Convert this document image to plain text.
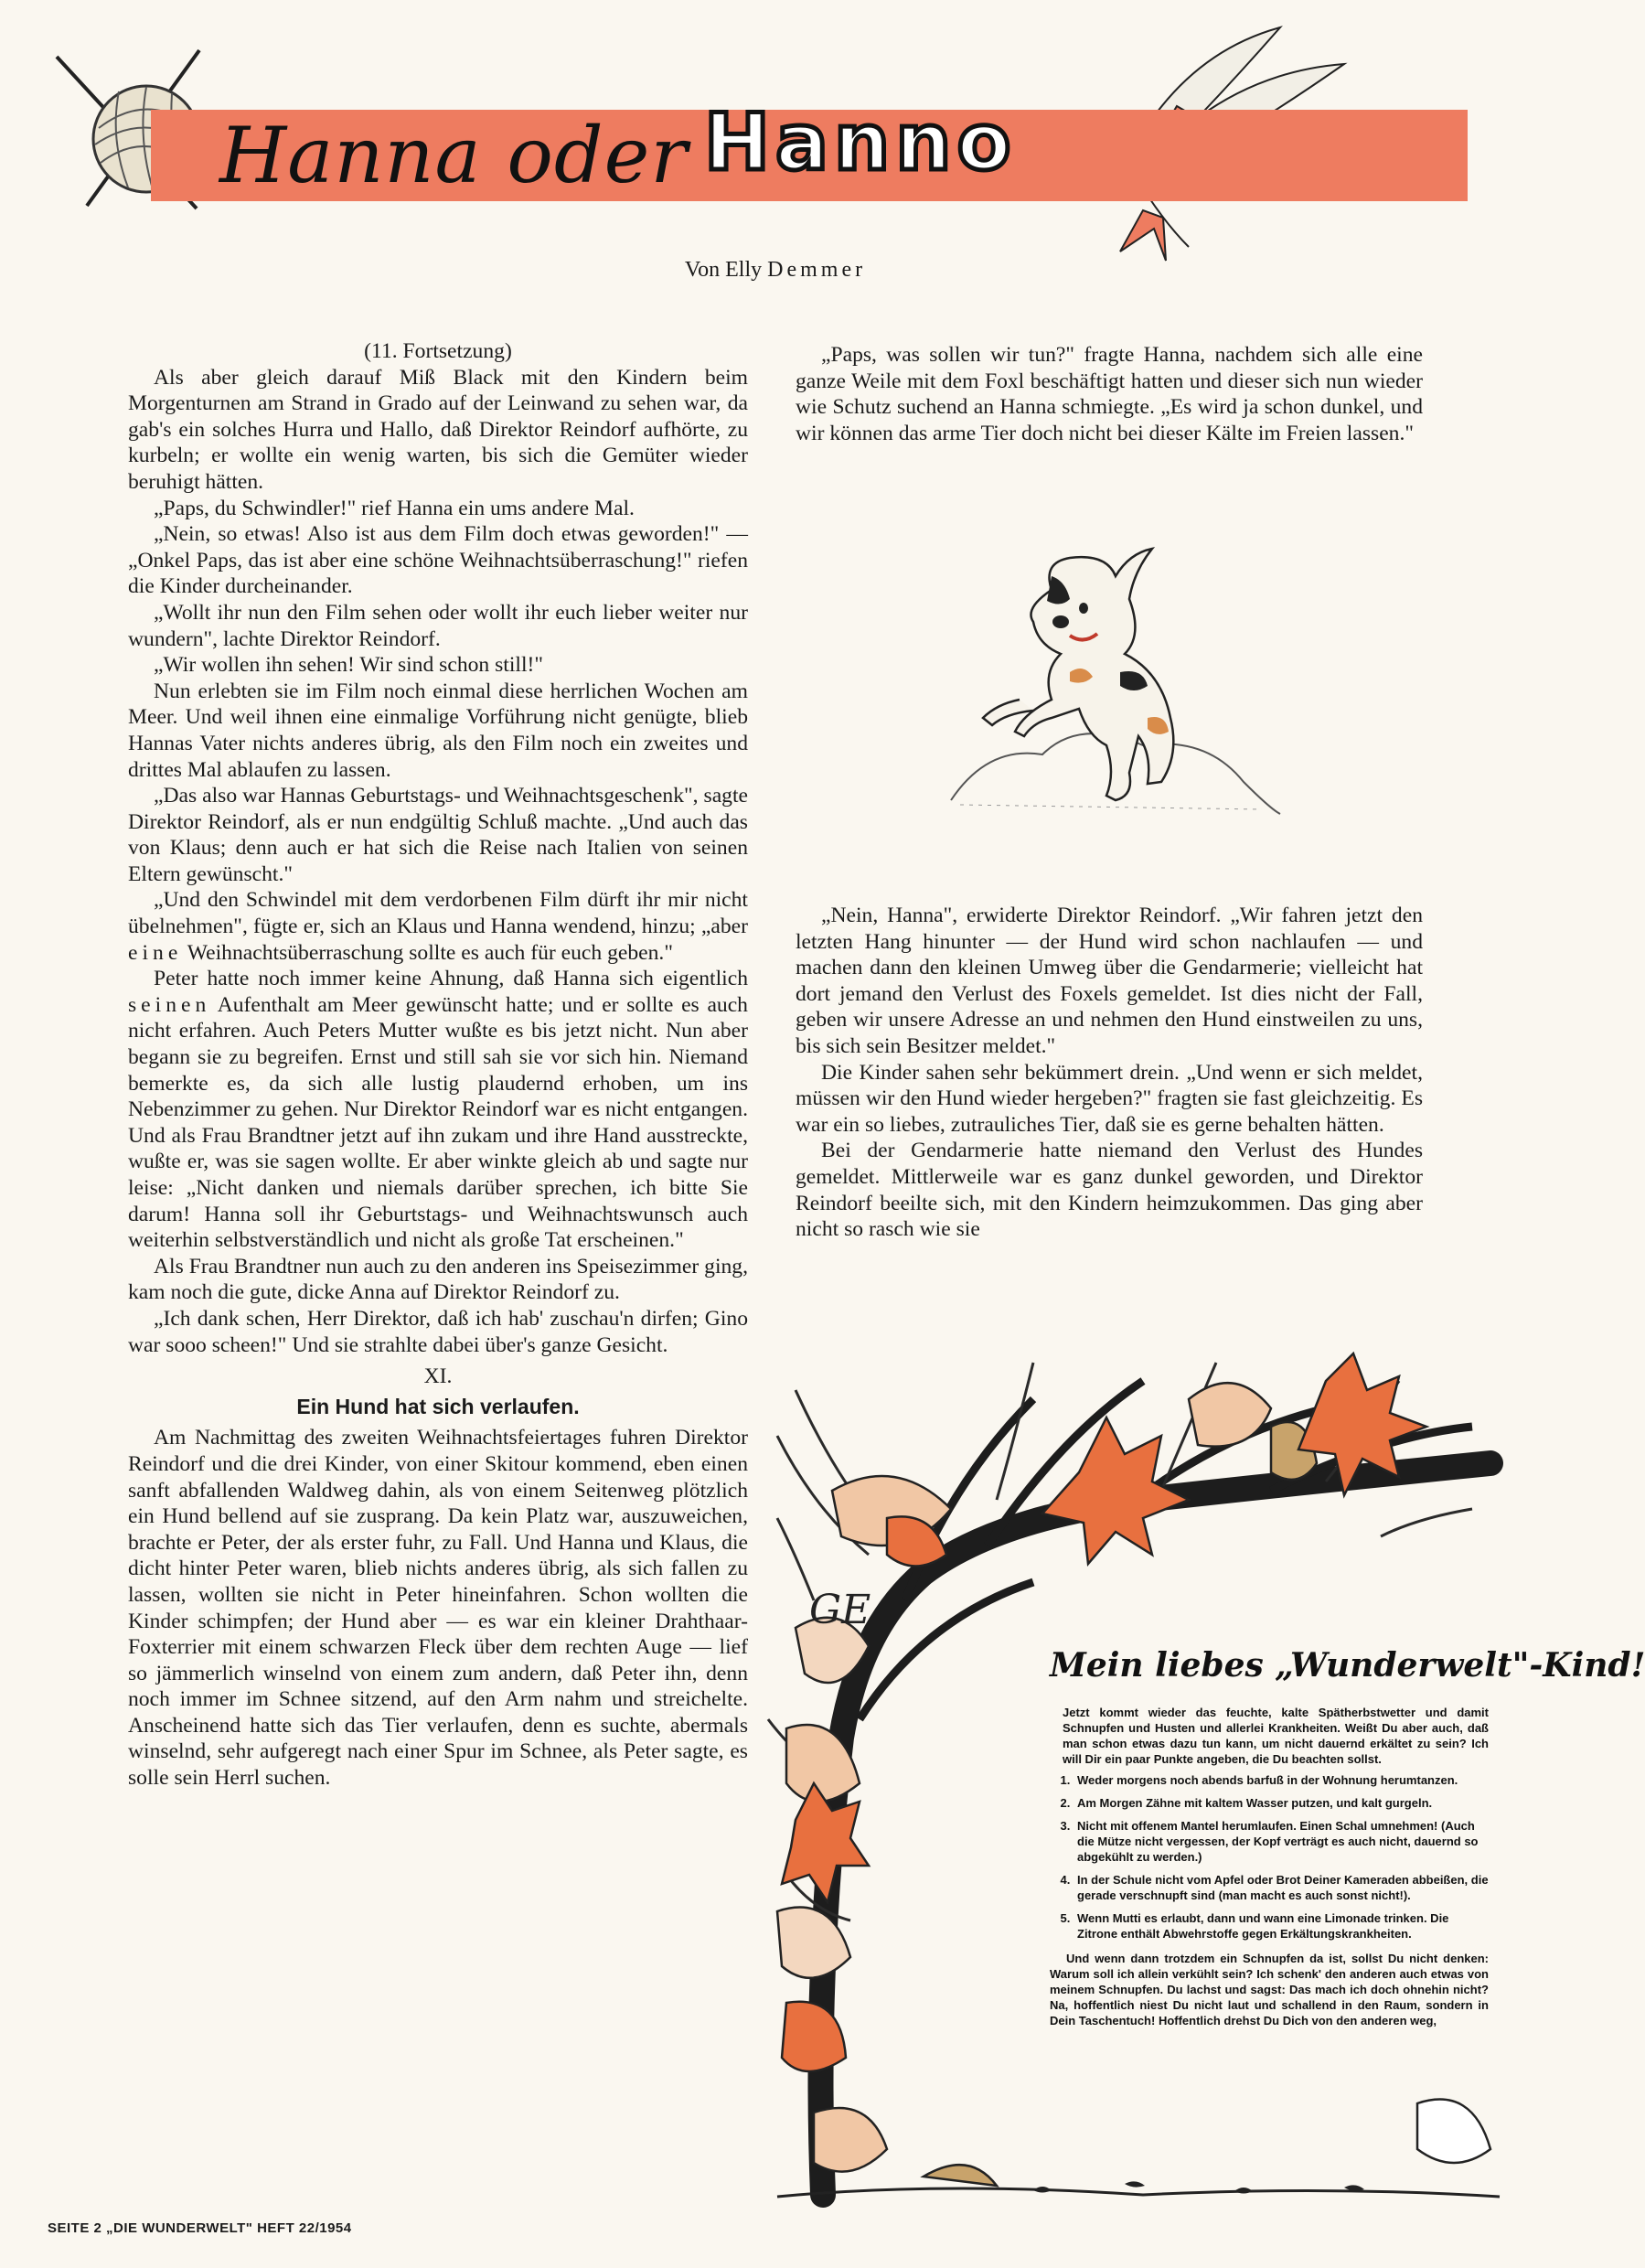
Hanna oder Hanno
Von Elly Demmer

(11. Fortsetzung)

Als aber gleich darauf Miß Black mit den Kindern beim Morgenturnen am Strand in Grado auf der Leinwand zu sehen war, da gab's ein solches Hurra und Hallo, daß Direktor Reindorf aufhörte, zu kurbeln; er wollte ein wenig warten, bis sich die Gemüter wieder beruhigt hätten.

„Paps, du Schwindler!" rief Hanna ein ums andere Mal.

„Nein, so etwas! Also ist aus dem Film doch etwas geworden!" — „Onkel Paps, das ist aber eine schöne Weihnachtsüberraschung!" riefen die Kinder durcheinander.

„Wollt ihr nun den Film sehen oder wollt ihr euch lieber weiter nur wundern", lachte Direktor Reindorf.

„Wir wollen ihn sehen! Wir sind schon still!"

Nun erlebten sie im Film noch einmal diese herrlichen Wochen am Meer. Und weil ihnen eine einmalige Vorführung nicht genügte, blieb Hannas Vater nichts anderes übrig, als den Film noch ein zweites und drittes Mal ablaufen zu lassen.

„Das also war Hannas Geburtstags- und Weihnachtsgeschenk", sagte Direktor Reindorf, als er nun endgültig Schluß machte. „Und auch das von Klaus; denn auch er hat sich die Reise nach Italien von seinen Eltern gewünscht."

„Und den Schwindel mit dem verdorbenen Film dürft ihr mir nicht übelnehmen", fügte er, sich an Klaus und Hanna wendend, hinzu; „aber eine Weihnachtsüberraschung sollte es auch für euch geben."

Peter hatte noch immer keine Ahnung, daß Hanna sich eigentlich seinen Aufenthalt am Meer gewünscht hatte; und er sollte es auch nicht erfahren. Auch Peters Mutter wußte es bis jetzt nicht. Nun aber begann sie zu begreifen. Ernst und still sah sie vor sich hin. Niemand bemerkte es, da sich alle lustig plaudernd erhoben, um ins Nebenzimmer zu gehen. Nur Direktor Reindorf war es nicht entgangen. Und als Frau Brandtner jetzt auf ihn zukam und ihre Hand ausstreckte, wußte er, was sie sagen wollte. Er aber winkte gleich ab und sagte nur leise: „Nicht danken und niemals darüber sprechen, ich bitte Sie darum! Hanna soll ihr Geburtstags- und Weihnachtswunsch auch weiterhin selbstverständlich und nicht als große Tat erscheinen."

Als Frau Brandtner nun auch zu den anderen ins Speisezimmer ging, kam noch die gute, dicke Anna auf Direktor Reindorf zu.

„Ich dank schen, Herr Direktor, daß ich hab' zuschau'n dirfen; Gino war sooo scheen!" Und sie strahlte dabei über's ganze Gesicht.

XI.

Ein Hund hat sich verlaufen.

Am Nachmittag des zweiten Weihnachtsfeiertages fuhren Direktor Reindorf und die drei Kinder, von einer Skitour kommend, eben einen sanft abfallenden Waldweg dahin, als von einem Seitenweg plötzlich ein Hund bellend auf sie zusprang. Da kein Platz war, auszuweichen, brachte er Peter, der als erster fuhr, zu Fall. Und Hanna und Klaus, die dicht hinter Peter waren, blieb nichts anderes übrig, als sich fallen zu lassen, wollten sie nicht in Peter hineinfahren. Schon wollten die Kinder schimpfen; der Hund aber — es war ein kleiner Drahthaar-Foxterrier mit einem schwarzen Fleck über dem rechten Auge — lief so jämmerlich winselnd von einem zum andern, daß Peter ihn, denn noch immer im Schnee sitzend, auf den Arm nahm und streichelte. Anscheinend hatte sich das Tier verlaufen, denn es suchte, abermals winselnd, sehr aufgeregt nach einer Spur im Schnee, als Peter sagte, es solle sein Herrl suchen.

„Paps, was sollen wir tun?" fragte Hanna, nachdem sich alle eine ganze Weile mit dem Foxl beschäftigt hatten und dieser sich nun wieder wie Schutz suchend an Hanna schmiegte. „Es wird ja schon dunkel, und wir können das arme Tier doch nicht bei dieser Kälte im Freien lassen."

„Nein, Hanna", erwiderte Direktor Reindorf. „Wir fahren jetzt den letzten Hang hinunter — der Hund wird schon nachlaufen — und machen dann den kleinen Umweg über die Gendarmerie; vielleicht hat dort jemand den Verlust des Foxels gemeldet. Ist dies nicht der Fall, geben wir unsere Adresse an und nehmen den Hund einstweilen zu uns, bis sich sein Besitzer meldet."

Die Kinder sahen sehr bekümmert drein. „Und wenn er sich meldet, müssen wir den Hund wieder hergeben?" fragten sie fast gleichzeitig. Es war ein so liebes, zutrauliches Tier, daß sie es gerne behalten hätten.

Bei der Gendarmerie hatte niemand den Verlust des Hundes gemeldet. Mittlerweile war es ganz dunkel geworden, und Direktor Reindorf beeilte sich, mit den Kindern heimzukommen. Das ging aber nicht so rasch wie sie

GE
Mein liebes „Wunderwelt"-Kind!

Jetzt kommt wieder das feuchte, kalte Spätherbstwetter und damit Schnupfen und Husten und allerlei Krankheiten. Weißt Du aber auch, daß man schon etwas dazu tun kann, um nicht dauernd erkältet zu sein? Ich will Dir ein paar Punkte angeben, die Du beachten sollst.

1. Weder morgens noch abends barfuß in der Wohnung herumtanzen.
2. Am Morgen Zähne mit kaltem Wasser putzen, und kalt gurgeln.
3. Nicht mit offenem Mantel herumlaufen. Einen Schal umnehmen! (Auch die Mütze nicht vergessen, der Kopf verträgt es auch nicht, dauernd so abgekühlt zu werden.)
4. In der Schule nicht vom Apfel oder Brot Deiner Kameraden abbeißen, die gerade verschnupft sind (man macht es auch sonst nicht!).
5. Wenn Mutti es erlaubt, dann und wann eine Limonade trinken. Die Zitrone enthält Abwehrstoffe gegen Erkältungskrankheiten.

Und wenn dann trotzdem ein Schnupfen da ist, sollst Du nicht denken: Warum soll ich allein verkühlt sein? Ich schenk' den anderen auch etwas von meinem Schnupfen. Du lachst und sagst: Das mach ich doch ohnehin nicht? Na, hoffentlich niest Du nicht laut und schallend in den Raum, sondern in Dein Taschentuch! Hoffentlich drehst Du Dich von den anderen weg,

SEITE 2 „DIE WUNDERWELT" HEFT 22/1954
